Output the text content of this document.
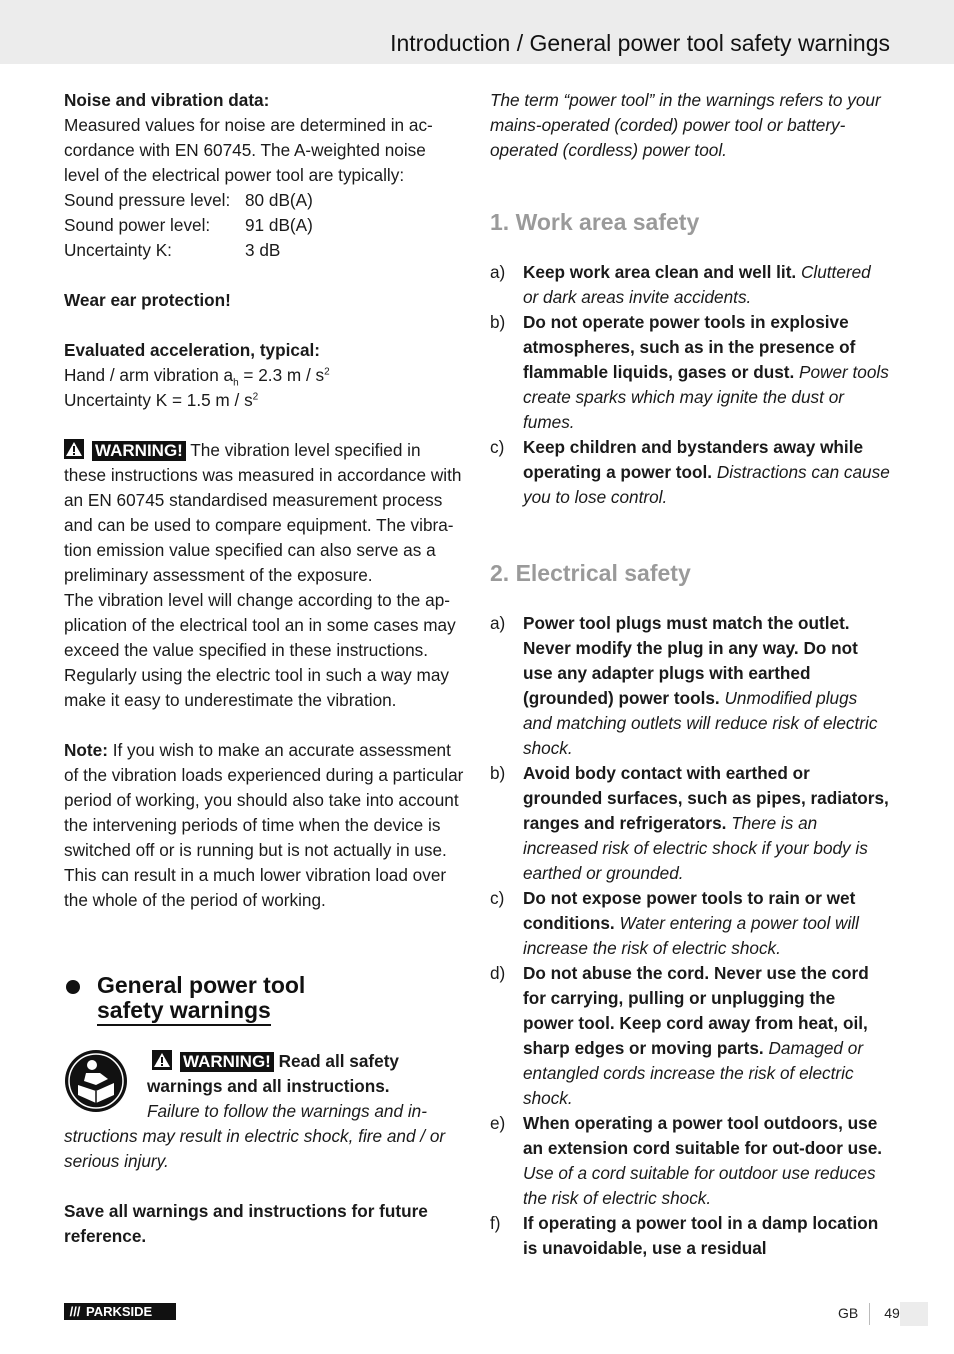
Introduction / General power tool safety warnings

Noise and vibration data:

Measured values for noise are determined in ac-cordance with EN 60745. The A-weighted noise level of the electrical power tool are typically:

Sound pressure level: 80 dB(A)
Sound power level:	91 dB(A)
Uncertainty K:	3 dB

Wear ear protection!

Evaluated acceleration, typical:

Hand / arm vibration $a_h = 2.3$ m / $s^2$

Uncertainty K = 1.5 m / $s^2$

WARNING! The vibration level specified in these instructions was measured in accordance with an EN 60745 standardised measurement process and can be used to compare equipment. The vibra-tion emission value specified can also serve as a preliminary assessment of the exposure.

The vibration level will change according to the ap-plication of the electrical tool an in some cases may exceed the value specified in these instructions. Regularly using the electric tool in such a way may make it easy to underestimate the vibration.

Note: If you wish to make an accurate assessment of the vibration loads experienced during a particular period of working, you should also take into account the intervening periods of time when the device is switched off or is running but is not actually in use. This can result in a much lower vibration load over the whole of the period of working.

General power tool
safety warnings
WARNING! Read all safety warnings and all instructions.

Failure to follow the warnings and in-structions may result in electric shock, fire and / or serious injury.

Save all warnings and instructions for future reference.

The term “power tool” in the warnings refers to your mains-operated (corded) power tool or battery-operated (cordless) power tool.

1. Work area safety

a)	Keep work area clean and well lit. Cluttered or dark areas invite accidents.
b)	Do not operate power tools in explosive atmospheres, such as in the presence of flammable liquids, gases or dust. Power tools create sparks which may ignite the dust or fumes.
c)	Keep children and bystanders away while operating a power tool. Distractions can cause you to lose control.

2. Electrical safety

a)	Power tool plugs must match the outlet. Never modify the plug in any way. Do not use any adapter plugs with earthed (grounded) power tools. Unmodified plugs and matching outlets will reduce risk of electric shock.
b)	Avoid body contact with earthed or grounded surfaces, such as pipes, radiators, ranges and refrigerators. There is an increased risk of electric shock if your body is earthed or grounded.
c)	Do not expose power tools to rain or wet conditions. Water entering a power tool will increase the risk of electric shock.
d)	Do not abuse the cord. Never use the cord for carrying, pulling or unplugging the power tool. Keep cord away from heat, oil, sharp edges or moving parts. Damaged or entangled cords increase the risk of electric shock.
e)	When operating a power tool outdoors, use an extension cord suitable for out-door use. Use of a cord suitable for outdoor use reduces the risk of electric shock.
f)	If operating a power tool in a damp location is unavoidable, use a residual
/// PARKSIDE	GB 49
